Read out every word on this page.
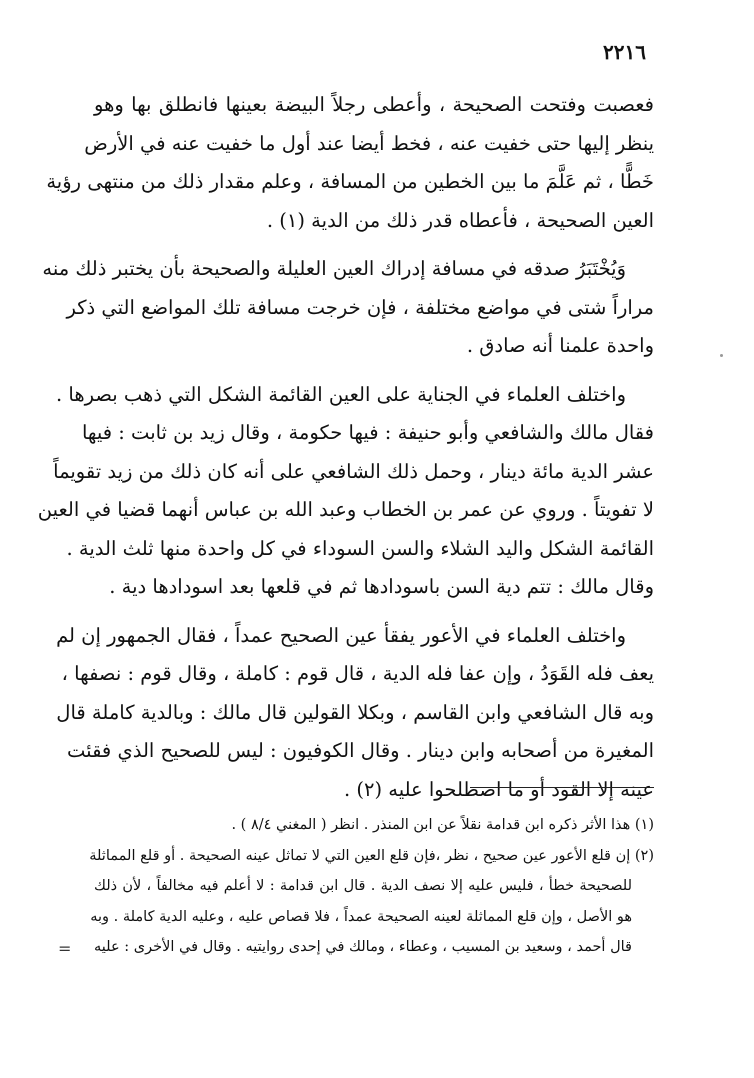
٢٢١٦

فعصبت وفتحت الصحيحة ، وأعطى رجلاً البيضة بعينها فانطلق بها وهو
ينظر إليها حتى خفيت عنه ، فخط أيضا عند أول ما خفيت عنه في الأرض
خَطًّا ، ثم عَلَّمَ ما بين الخطين من المسافة ، وعلم مقدار ذلك من منتهى رؤية
العين الصحيحة ، فأعطاه قدر ذلك من الدية (١) .

وَيُخْتَبَرُ صدقه في مسافة إدراك العين العليلة والصحيحة بأن يختبر ذلك منه
مراراً شتى في مواضع مختلفة ، فإن خرجت مسافة تلك المواضع التي ذكر
واحدة علمنا أنه صادق .

واختلف العلماء في الجناية على العين القائمة الشكل التي ذهب بصرها .
فقال مالك والشافعي وأبو حنيفة : فيها حكومة ، وقال زيد بن ثابت : فيها
عشر الدية مائة دينار ، وحمل ذلك الشافعي على أنه كان ذلك من زيد تقويماً
لا تفويتاً . وروي عن عمر بن الخطاب وعبد الله بن عباس أنهما قضيا في العين
القائمة الشكل واليد الشلاء والسن السوداء في كل واحدة منها ثلث الدية .
وقال مالك : تتم دية السن باسودادها ثم في قلعها بعد اسودادها دية .

واختلف العلماء في الأعور يفقأ عين الصحيح عمداً ، فقال الجمهور إن لم
يعف فله القَوَدُ ، وإن عفا فله الدية ، قال قوم : كاملة ، وقال قوم : نصفها ،
وبه قال الشافعي وابن القاسم ، وبكلا القولين قال مالك : وبالدية كاملة قال
المغيرة من أصحابه وابن دينار . وقال الكوفيون : ليس للصحيح الذي فقئت
عينه إلا القود أو ما اصطلحوا عليه (٢) .

(١) هذا الأثر ذكره ابن قدامة نقلاً عن ابن المنذر . انظر ( المغني ٨/٤ ) .
(٢) إن قلع الأعور عين صحيح ، نظر ،فإن قلع العين التي لا تماثل عينه الصحيحة . أو قلع المماثلة
للصحيحة خطأ ، فليس عليه إلا نصف الدية . قال ابن قدامة : لا أعلم فيه مخالفاً ، لأن ذلك
هو الأصل ، وإن قلع المماثلة لعينه الصحيحة عمداً ، فلا قصاص عليه ، وعليه الدية كاملة . وبه
قال أحمد ، وسعيد بن المسيب ، وعطاء ، ومالك في إحدى روايتيه . وقال في الأخرى : عليه
=
